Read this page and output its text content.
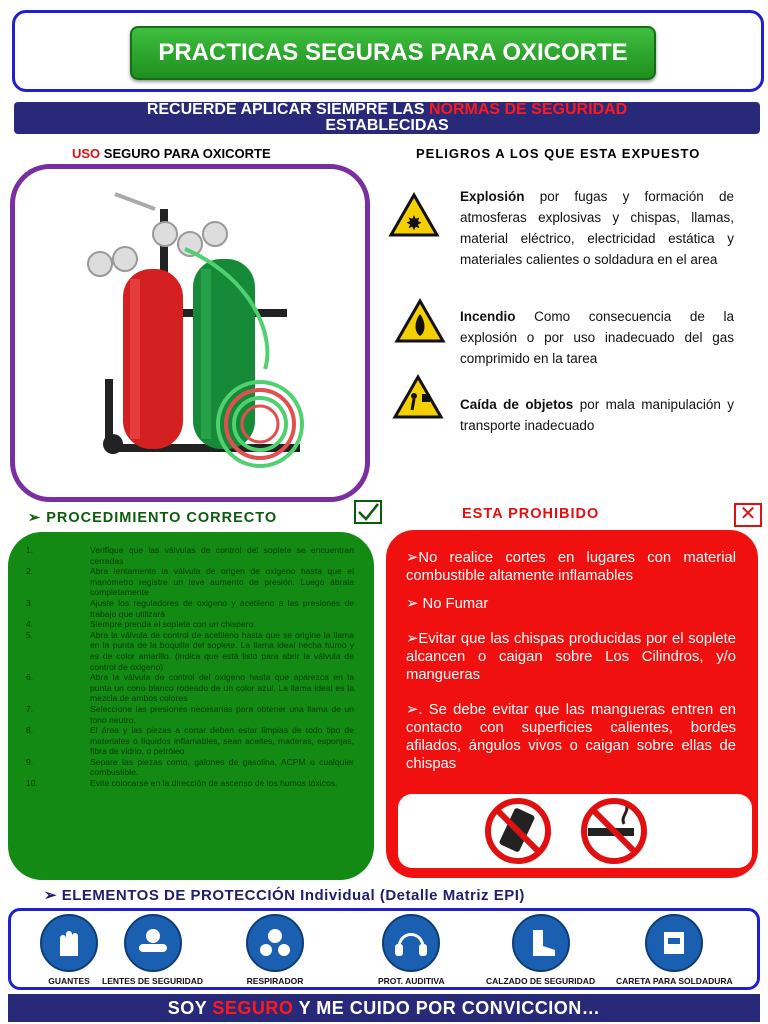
PRACTICAS SEGURAS PARA OXICORTE
RECUERDE APLICAR SIEMPRE LAS NORMAS DE SEGURIDAD
ESTABLECIDAS
USO SEGURO PARA OXICORTE	PELIGROS A LOS QUE ESTA EXPUESTO
✸
Explosión por fugas y formación de atmosferas explosivas y chispas, llamas, material eléctrico, electricidad estática y materiales calientes o soldadura en el area
Incendio Como consecuencia de la explosión o por uso inadecuado del gas comprimido en la tarea
Caída de objetos por mala manipulación y transporte inadecuado
➢ PROCEDIMIENTO CORRECTO
1.	Verifique que las válvulas de control del soplete se encuentran cerradas
2.	Abra lentamente la válvula de origen de oxigeno hasta que el manómetro registre un leve aumento de presión. Luego ábrala completamente
3.	Ajuste los reguladores de oxigeno y acetileno a las presiones de trabajo que utilizará
4.	Siempre prenda el soplete con un chispero.
5.	Abra la válvula de control de acetileno hasta que se origine la llama en la punta de la boquilla del soplete. La llama ideal hecha humo y es de color amarillo. (indica que está listo para abrir la válvula de control de oxigeno)
6.	Abra la válvula de control del oxigeno hasta que aparezca en la punta un cono blanco rodeado de un color azul. La llama ideal es la mezcla de ambos colores
7.	Seleccione las presiones necesarias para obtener una llama de un tono neutro.
8.	El área y las piezas a cortar deben estar limpias de todo tipo de materiales o líquidos inflamables, sean aceites, maderas, esponjas, fibra de vidrio, o petróleo
9.	Separe las piezas como, galones de gasolina, ACPM o cualquier combustible.
10.	Evite colocarse en la dirección de ascenso de los humos tóxicos.
ESTA PROHIBIDO	✕
➢No realice cortes en lugares con material combustible altamente inflamables
➢ No Fumar
➢Evitar que las chispas producidas por el soplete alcancen o caigan sobre Los Cilindros, y/o mangueras
➢. Se debe evitar que las mangueras entren en contacto con superficies calientes, bordes afilados, ángulos vivos o caigan sobre ellas de chispas
➢ ELEMENTOS DE PROTECCIÓN Individual (Detalle Matriz EPI)
GUANTES LENTES DE SEGURIDAD	RESPIRADOR	PROT. AUDITIVA	CALZADO DE SEGURIDAD CARETA PARA SOLDADURA
SOY SEGURO Y ME CUIDO POR CONVICCION…
